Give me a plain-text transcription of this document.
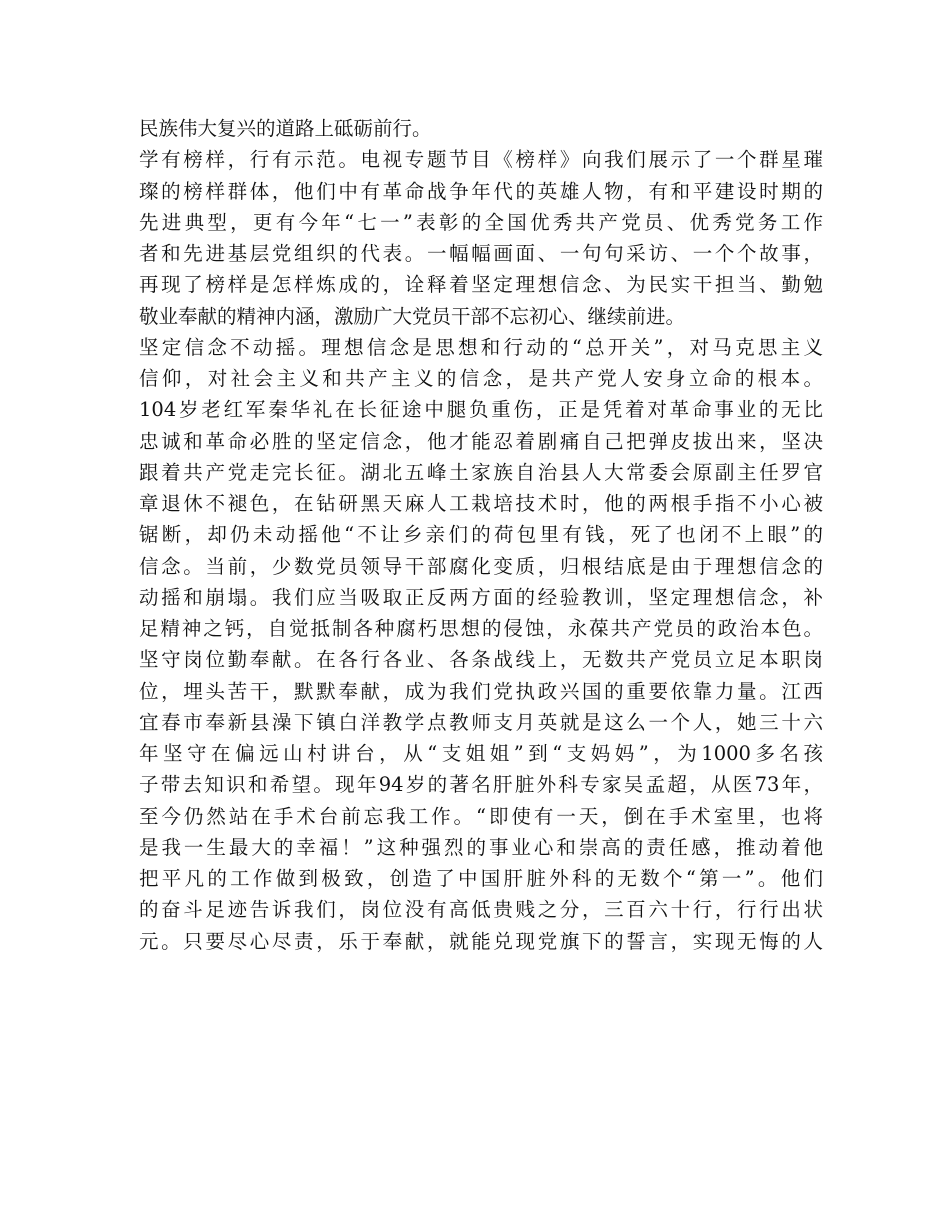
民族伟大复兴的道路上砥砺前行。
学有榜样，行有示范。电视专题节目《榜样》向我们展示了一个群星璀
璨的榜样群体，他们中有革命战争年代的英雄人物，有和平建设时期的
先进典型，更有今年“七一”表彰的全国优秀共产党员、优秀党务工作
者和先进基层党组织的代表。一幅幅画面、一句句采访、一个个故事，
再现了榜样是怎样炼成的，诠释着坚定理想信念、为民实干担当、勤勉
敬业奉献的精神内涵，激励广大党员干部不忘初心、继续前进。
坚定信念不动摇。理想信念是思想和行动的“总开关”，对马克思主义
信仰，对社会主义和共产主义的信念，是共产党人安身立命的根本。
104岁老红军秦华礼在长征途中腿负重伤，正是凭着对革命事业的无比
忠诚和革命必胜的坚定信念，他才能忍着剧痛自己把弹皮拔出来，坚决
跟着共产党走完长征。湖北五峰土家族自治县人大常委会原副主任罗官
章退休不褪色，在钻研黑天麻人工栽培技术时，他的两根手指不小心被
锯断，却仍未动摇他“不让乡亲们的荷包里有钱，死了也闭不上眼”的
信念。当前，少数党员领导干部腐化变质，归根结底是由于理想信念的
动摇和崩塌。我们应当吸取正反两方面的经验教训，坚定理想信念，补
足精神之钙，自觉抵制各种腐朽思想的侵蚀，永葆共产党员的政治本色。
坚守岗位勤奉献。在各行各业、各条战线上，无数共产党员立足本职岗
位，埋头苦干，默默奉献，成为我们党执政兴国的重要依靠力量。江西
宜春市奉新县澡下镇白洋教学点教师支月英就是这么一个人，她三十六
年坚守在偏远山村讲台，从“支姐姐”到“支妈妈”，为1000多名孩
子带去知识和希望。现年94岁的著名肝脏外科专家吴孟超，从医73年，
至今仍然站在手术台前忘我工作。“即使有一天，倒在手术室里，也将
是我一生最大的幸福！”这种强烈的事业心和崇高的责任感，推动着他
把平凡的工作做到极致，创造了中国肝脏外科的无数个“第一”。他们
的奋斗足迹告诉我们，岗位没有高低贵贱之分，三百六十行，行行出状
元。只要尽心尽责，乐于奉献，就能兑现党旗下的誓言，实现无悔的人
